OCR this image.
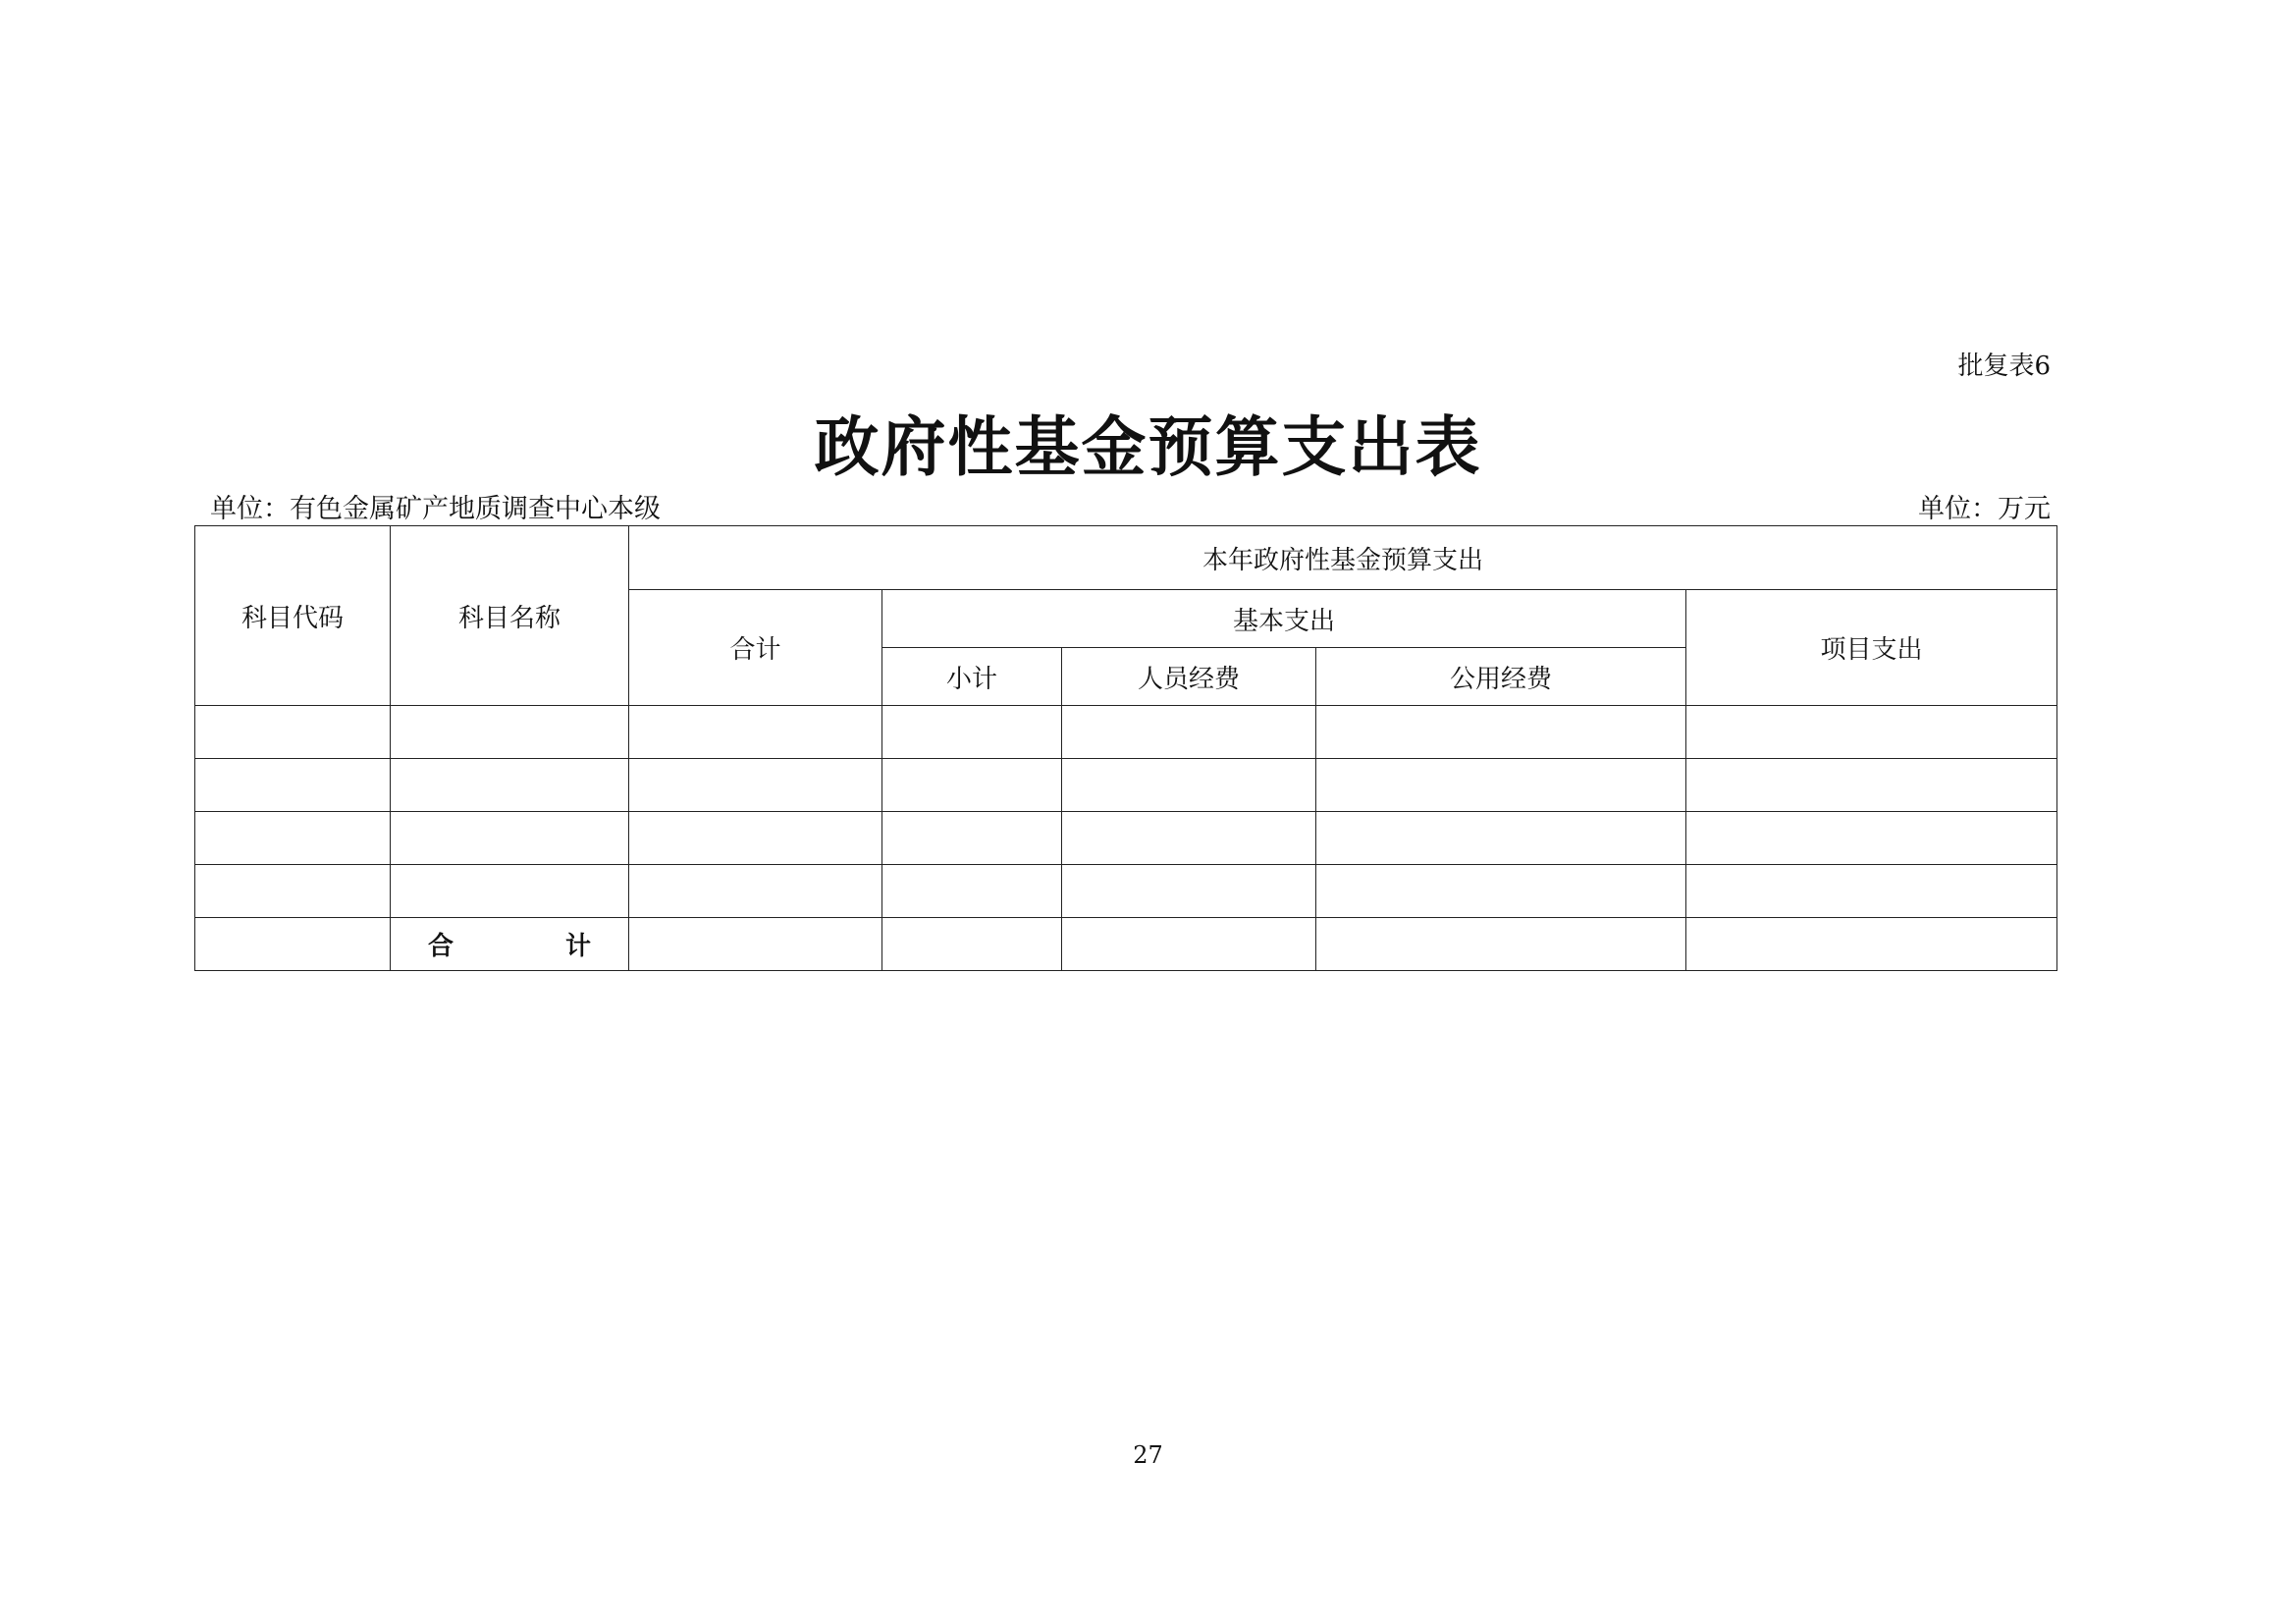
批复表6
政府性基金预算支出表
单位：有色金属矿产地质调查中心本级	单位：万元
科目代码	科目名称	本年政府性基金预算支出				
		合计	基本支出			项目支出
			小计	人员经费	公用经费	

	合 计					

27
